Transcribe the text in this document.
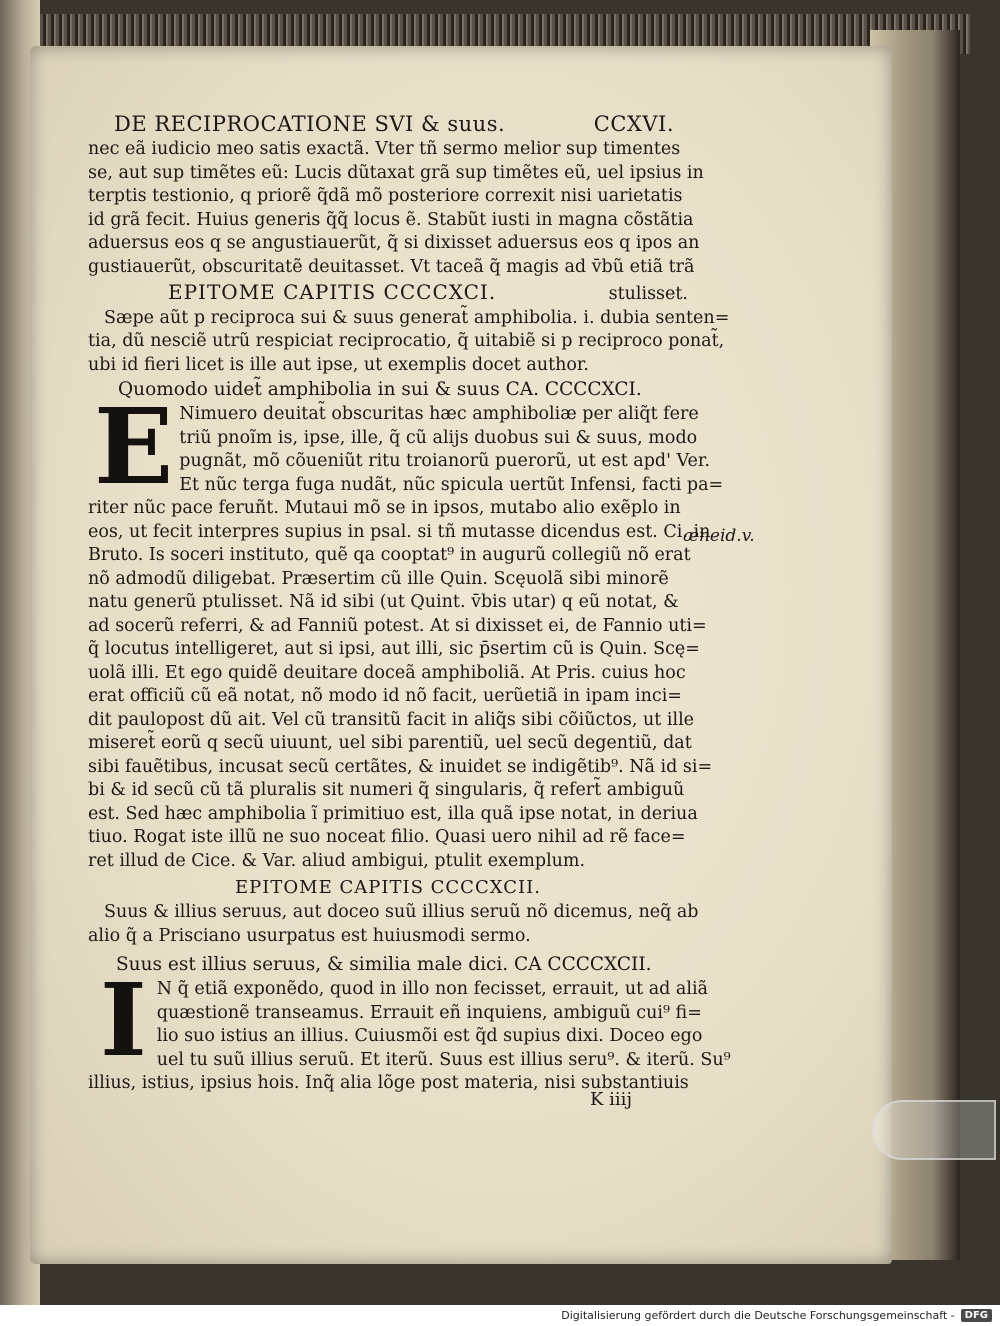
DE RECIPROCATIONE SVI & suus.	CCXVI.
nec eã iudicio meo satis exactã. Vter tñ sermo melior sup timentes
se, aut sup timẽtes eũ: Lucis dũtaxat grã sup timẽtes eũ, uel ipsius in
terptis testionio, q priorẽ q̃dã mõ posteriore correxit nisi uarietatis
id grã fecit. Huius generis q̃q̃ locus ẽ. Stabũt iusti in magna cõstãtia
aduersus eos q se angustiauerũt, q̃ si dixisset aduersus eos q ipos an
gustiauerũt, obscuritatẽ deuitasset. Vt taceã q̃ magis ad v̄bũ etiã trã
EPITOME CAPITIS CCCCXCI.	stulisset.
Sæpe aũt p reciproca sui & suus generat̃ amphibolia. i. dubia senten=
tia, dũ nesciẽ utrũ respiciat reciprocatio, q̃ uitabiẽ si p reciproco ponat̃,
ubi id fieri licet is ille aut ipse, ut exemplis docet author.
Quomodo uidet̃ amphibolia in sui & suus CA. CCCCXCI.
E Nimuero deuitat̃ obscuritas hæc amphiboliæ per aliq̃t fere
triũ pnoĩm is, ipse, ille, q̃ cũ alijs duobus sui & suus, modo
pugnãt, mõ cõueniũt ritu troianorũ puerorũ, ut est apd' Ver.
Et nũc terga fuga nudãt, nũc spicula uertũt Infensi, facti pa=
riter nũc pace feruñt. Mutaui mõ se in ipsos, mutabo alio exẽplo in
eos, ut fecit interpres supius in psal. si tñ mutasse dicendus est. Ci. in
Bruto. Is soceri instituto, quẽ qa cooptat⁹ in augurũ collegiũ nõ erat
nõ admodũ diligebat. Præsertim cũ ille Quin. Scęuolã sibi minorẽ
natu generũ ptulisset. Nã id sibi (ut Quint. v̄bis utar) q eũ notat, &
ad socerũ referri, & ad Fanniũ potest. At si dixisset ei, de Fannio uti=
q̃ locutus intelligeret, aut si ipsi, aut illi, sic p̄sertim cũ is Quin. Scę=
uolã illi. Et ego quidẽ deuitare doceã amphiboliã. At Pris. cuius hoc
erat officiũ cũ eã notat, nõ modo id nõ facit, uerũetiã in ipam inci=
dit paulopost dũ ait. Vel cũ transitũ facit in aliq̃s sibi cõiũctos, ut ille
miseret̃ eorũ q secũ uiuunt, uel sibi parentiũ, uel secũ degentiũ, dat
sibi fauẽtibus, incusat secũ certãtes, & inuidet se indigẽtib⁹. Nã id si=
bi & id secũ cũ tã pluralis sit numeri q̃ singularis, q̃ refert̃ ambiguũ
est. Sed hæc amphibolia ĩ primitiuo est, illa quã ipse notat, in deriua
tiuo. Rogat iste illũ ne suo noceat filio. Quasi uero nihil ad rẽ face=
ret illud de Cice. & Var. aliud ambigui, ptulit exemplum.
EPITOME CAPITIS CCCCXCII.
Suus & illius seruus, aut doceo suũ illius seruũ nõ dicemus, neq̃ ab
alio q̃ a Prisciano usurpatus est huiusmodi sermo.
Suus est illius seruus, & similia male dici. CA CCCCXCII.
I N q̃ etiã exponẽdo, quod in illo non fecisset, errauit, ut ad aliã
quæstionẽ transeamus. Errauit eñ inquiens, ambiguũ cui⁹ fi=
lio suo istius an illius. Cuiusmõi est q̃d supius dixi. Doceo ego
uel tu suũ illius seruũ. Et iterũ. Suus est illius seru⁹. & iterũ. Su⁹
illius, istius, ipsius hois. Inq̃ alia lõge post materia, nisi substantiuis
æneid.v.
K iiij
Digitalisierung gefördert durch die Deutsche Forschungsgemeinschaft -	DFG
